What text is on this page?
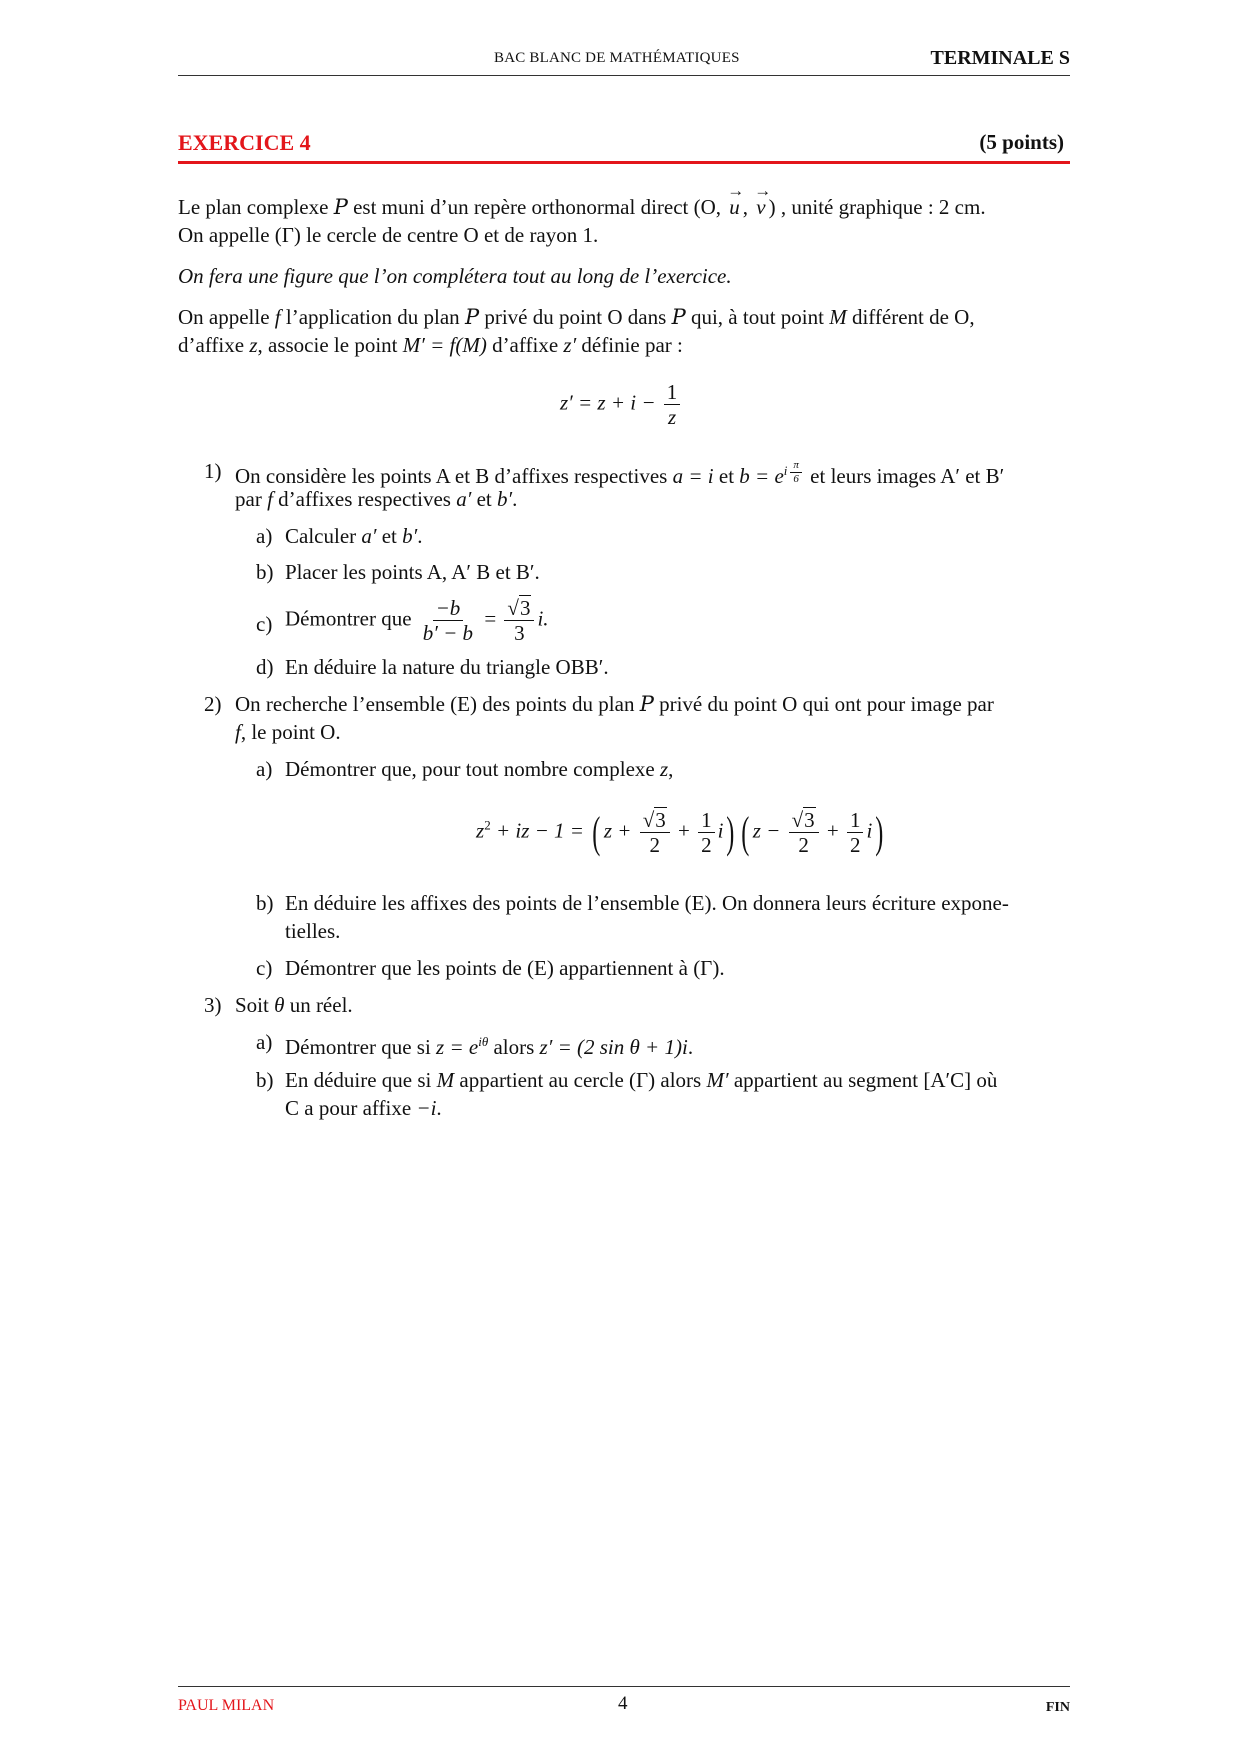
BAC BLANC DE MATHÉMATIQUES	TERMINALE S
EXERCICE 4	(5 points)
Le plan complexe P est muni d’un repère orthonormal direct (O, → u , → v ) , unité graphique : 2 cm.
On appelle (Γ) le cercle de centre O et de rayon 1.
On fera une figure que l’on complétera tout au long de l’exercice.
On appelle f l’application du plan P privé du point O dans P qui, à tout point M différent de O,
d’affixe z, associe le point M′ = f(M) d’affixe z′ définie par :
$z' = z + i - \frac{1}{z}$
1) On considère les points A et B d’affixes respectives a = i et $b = e^{i \frac{\pi}{6}}$ et leurs images A′ et B′
par f d’affixes respectives a′ et b′.
a) Calculer a′ et b′.
b) Placer les points A, A′ B et B′.
c) Démontrer que $\frac{-b}{b' - b} = \frac{√3}{3} i$.
d) En déduire la nature du triangle OBB′.
2) On recherche l’ensemble (E) des points du plan P privé du point O qui ont pour image par
f, le point O.
a) Démontrer que, pour tout nombre complexe z,
$z^2$ + iz − 1 = ( $z + \frac{√3}{2} + \frac{1}{2} i$) ( $z - \frac{√3}{2} + \frac{1}{2} i$)
b) En déduire les affixes des points de l’ensemble (E). On donnera leurs écriture expone-
tielles.
c) Démontrer que les points de (E) appartiennent à (Γ).
3) Soit θ un réel.
a) Démontrer que si $z = e^{i\theta}$ alors z′ = (2 sin θ + 1)i.
b) En déduire que si M appartient au cercle (Γ) alors M′ appartient au segment [A′C] où
C a pour affixe −i.
PAUL MILAN	4	FIN
